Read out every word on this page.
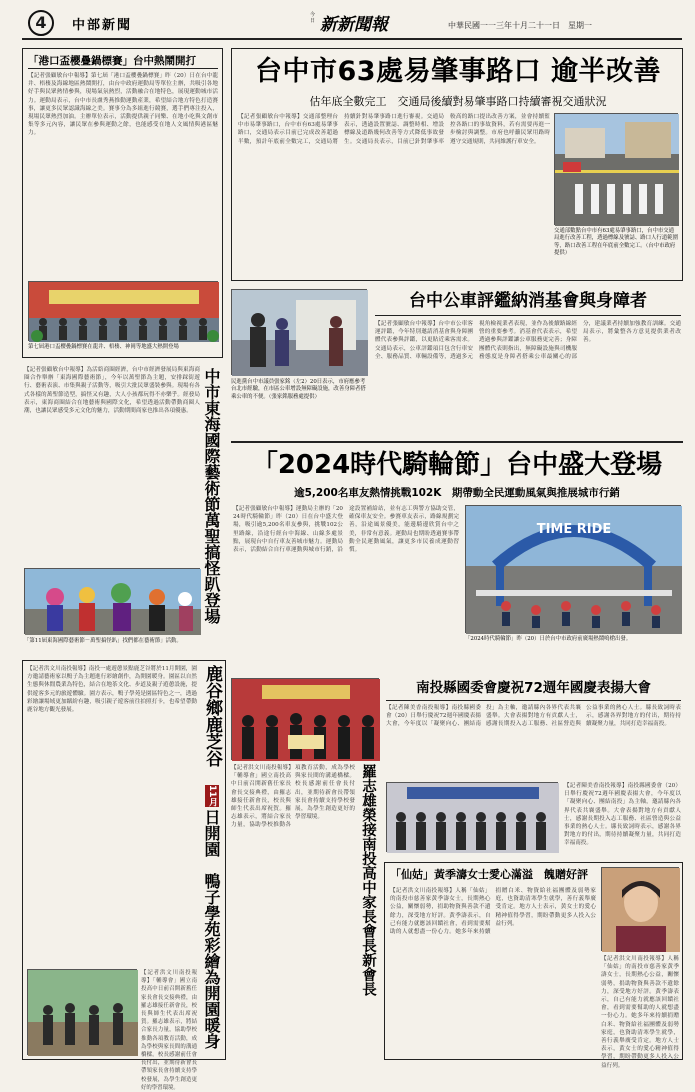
4	中部新聞
今日 新新聞報	中華民國一一三年十月二十一日　星期一
「港口盃櫻疊鍋標賽」台中熱鬧開打
【記者張顧敏台中報導】第七屆「港口盃櫻疊鍋標賽」昨（20）日在台中龍井、梧棲及海線地區熱鬧開打，由台中政府運動局等單位主辦，共吸引各地好手與民眾熱情參與，現場氣氛熱烈，活動融合在地特色，展現運動城市活力。運動局表示，台中市長盧秀燕推動運動產業，希望結合地方特色打造賽事，讓更多民眾認識海線之美。賽事分為多組進行競賽，選手們專注投入，現場民眾熱烈加油。主辦單位表示，活動提供親子同樂、在地小吃與文創市集等多元內容，讓民眾在參與運動之餘，也能感受在地人文風情與港區魅力。
第七屆港口盃櫻疊鍋標賽在龍井、梧棲、神岡等地盛大熱開登場
【記者張顧敏台中報導】為活絡商圈經濟，台中市經濟發展局與東海商圈合作舉辦「東海國際藝術節」，今年以萬聖節為主題，安排踩街遊行、藝術表演、市集與親子活動等，吸引大批民眾盛裝參與。現場有各式各樣的萬聖節造型，搞怪又有趣，大人小孩都玩得不亦樂乎。經發局表示，東海商圈結合在地藝術與國際文化，希望透過活動帶動商圈人潮，也讓民眾感受多元文化的魅力，活動期間商家也推出各項優惠。 中市東海國際藝術節萬聖搞怪趴登場
「第11屆東海國際藝術節－萬聖搞怪趴」找們都在藝術節」活動。
台中市63處易肇事路口 逾半改善
估年底全數完工　交通局後續對易肇事路口持續審視交通狀況
【記者張顧敏台中報導】交通部整理台中市易肇事路口，台中市有63處易肇事路口，交通局表示目前已完成改善超過半數，預計年底前全數完工，交通局將持續針對易肇事路口進行審視。交通局表示，透過設置號誌、調整時相、增設標線及道路幾何改善等方式降低事故發生。交通局長表示，目前已針對肇事率較高的路口提出改善方案，並會持續監控各路口的事故資料，若有需要再進一步檢討與調整。市府也呼籲民眾用路時遵守交通規則，共同維護行車安全。
交通部數點台中市有63處易肇事路口，台中市交通局進行改善工程，透過標線及號誌、路口人行道範圍等，路口改善工程在年底前全數完工。（台中市政府提供）
民進黨台中市議員張家銘（左2）20日表示，市府應參考台北市經驗，在市區公車增設無障礙設施，改善身障者搭乘公車的不便。（張家銘服務處提供）
台中公車評鑑納消基會與身障者
【記者張顧敏台中報導】台中市公車客運評鑑，今年特別邀請消基會與身障團體代表參與評鑑，以更貼近乘客需求。交通局表示，公車評鑑項目包含行車安全、服務品質、車輛設備等，透過多元視角檢視業者表現，並作為後續路線經營的重要參考。消基會代表表示，希望透過參與評鑑讓公車服務更完善；身障團體代表則指出，無障礙設施與司機服務態度是身障者搭乘公車最關心的部分，建議業者持續加強教育訓練。交通局表示，將彙整各方意見提供業者改善。
「2024時代騎輪節」台中盛大登場
逾5,200名車友熱情挑戰102K　期帶動全民運動風氣與推展城市行銷
【記者張顧敏台中報導】運動局主辦的「2024時代騎輪節」昨（20）日在台中盛大登場，吸引逾5,200名車友參與，挑戰102公里路線，沿途行經台中海線、山線多處景點，展現台中自行車友善城市魅力。運動局表示，活動結合自行車運動與城市行銷，沿途設置補給站，並有志工與警方協助交管，確保車友安全。參賽車友表示，路線規劃完善，沿途風景優美，能邊騎邊欣賞台中之美，非常有意義。運動局也期盼透過賽事帶動全民運動風氣，讓更多市民養成運動習慣。
TIME RIDE
「2024時代騎輪節」昨（20）日於台中市政府前廣場熱鬧鳴槍出發。
【記者洪文川南投報導】南投一處遊憩景點鹿芝谷將於11月開園，園方邀請藝術家以鴨子為主題進行彩繪創作，為開園暖身。園區以自然生態與休閒農業為特色，結合在地茶文化、步道及親子遊憩設施，提供遊客多元的旅遊體驗。園方表示，鴨子學苑是園區特色之一，透過彩繪讓場域更加繽紛有趣，吸引親子遊客前往拍照打卡，也希望帶動鹿谷地方觀光發展。	鹿谷鄉鹿芝谷
11月
日開園　鴨子學苑彩繪為開園暖身
【記者洪文川南投報導】「輔導會」國立南投高中日前召開新舊任家長會長交接典禮，由羅志雄接任新會長，校長與師生代表出席祝賀。羅志雄表示，將結合家長力量，協助學校推動各項教育活動，成為學校與家長間的溝通橋樑。校長感謝前任會長付出，並期待新會長帶領家長會持續支持學校發展，為學生創造更好的學習環境。
【記者洪文川南投報導】「輔導會」國立南投高中日前召開新舊任家長會長交接典禮，由羅志雄接任新會長，校長與師生代表出席祝賀。羅志雄表示，將結合家長力量，協助學校推動各項教育活動，成為學校與家長間的溝通橋樑。校長感謝前任會長付出，並期待新會長帶領家長會持續支持學校發展，為學生創造更好的學習環境。	羅志雄榮接南投高中家長會長新會長
南投縣國委會慶祝72週年國慶表揚大會
【記者陳美香南投報導】南投縣國委會（20）日舉行慶祝72週年國慶表揚大會，今年度以「凝聚向心、團結南投」為主軸，邀請縣內各界代表共襄盛舉。大會表揚對地方有貢獻人士，感謝長期投入志工服務、社區營造與公益事業的熱心人士。縣長致詞時表示，感謝各界對地方的付出，期待持續凝聚力量，共同打造幸福南投。
【記者陳美香南投報導】南投縣國委會（20）日舉行慶祝72週年國慶表揚大會，今年度以「凝聚向心、團結南投」為主軸，邀請縣內各界代表共襄盛舉。大會表揚對地方有貢獻人士，感謝長期投入志工服務、社區營造與公益事業的熱心人士。縣長致詞時表示，感謝各界對地方的付出，期待持續凝聚力量，共同打造幸福南投。
「仙姑」黃季濤女士愛心滿溢　餽贈好評
【記者洪文川南投報導】人稱「仙姑」的南投市慈善家黃季濤女士，長期熱心公益，關懷弱勢，捐助物資與善款不遺餘力，深受地方好評。黃季濤表示，自己有能力就應該回饋社會，看到需要幫助的人就想盡一份心力。她多年來持續捐贈白米、物資給社福團體及弱勢家庭，也資助清寒學生就學，善行義舉廣受肯定。地方人士表示，黃女士的愛心精神值得學習，期盼帶動更多人投入公益行列。
【記者洪文川南投報導】人稱「仙姑」的南投市慈善家黃季濤女士，長期熱心公益，關懷弱勢，捐助物資與善款不遺餘力，深受地方好評。黃季濤表示，自己有能力就應該回饋社會，看到需要幫助的人就想盡一份心力。她多年來持續捐贈白米、物資給社福團體及弱勢家庭，也資助清寒學生就學，善行義舉廣受肯定。地方人士表示，黃女士的愛心精神值得學習，期盼帶動更多人投入公益行列。
